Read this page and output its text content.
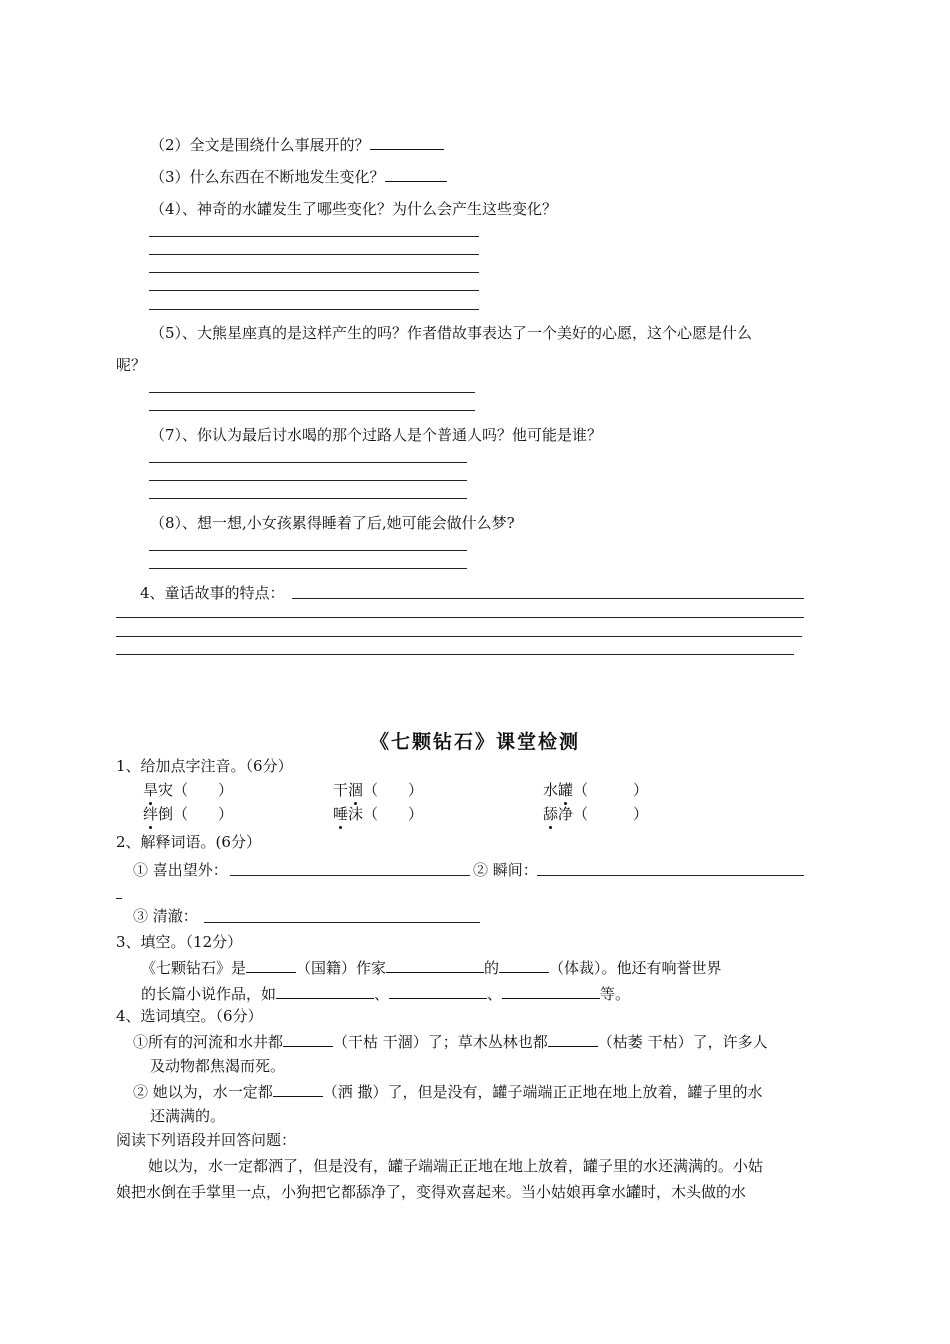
（2）全文是围绕什么事展开的？
（3）什么东西在不断地发生变化？
（4）、神奇的水罐发生了哪些变化？为什么会产生这些变化？
（5）、大熊星座真的是这样产生的吗？作者借故事表达了一个美好的心愿，这个心愿是什么
呢？
（7）、你认为最后讨水喝的那个过路人是个普通人吗？他可能是谁？
（8）、想一想,小女孩累得睡着了后,她可能会做什么梦?
4、童话故事的特点：
《七颗钻石》课堂检测
1、给加点字注音。（6分）
旱灾（　　）	干涸（　　）	水罐（　　　）
绊倒（　　）	唾沫（　　）	舔净（　　　）
2、解释词语。(6分）
① 喜出望外：	② 瞬间：
③ 清澈：
3、填空。（12分）
《七颗钻石》是	（国籍）作家	的	（体裁）。他还有响誉世界
的长篇小说作品，如	、	、	等。
4、选词填空。（6分）
①所有的河流和水井都	（干枯 干涸）了；草木丛林也都	（枯萎 干枯）了，许多人
及动物都焦渴而死。
② 她以为，水一定都	（洒 撒）了，但是没有，罐子端端正正地在地上放着，罐子里的水
还满满的。
阅读下列语段并回答问题：
她以为，水一定都洒了，但是没有，罐子端端正正地在地上放着，罐子里的水还满满的。小姑
娘把水倒在手掌里一点，小狗把它都舔净了，变得欢喜起来。当小姑娘再拿水罐时，木头做的水
